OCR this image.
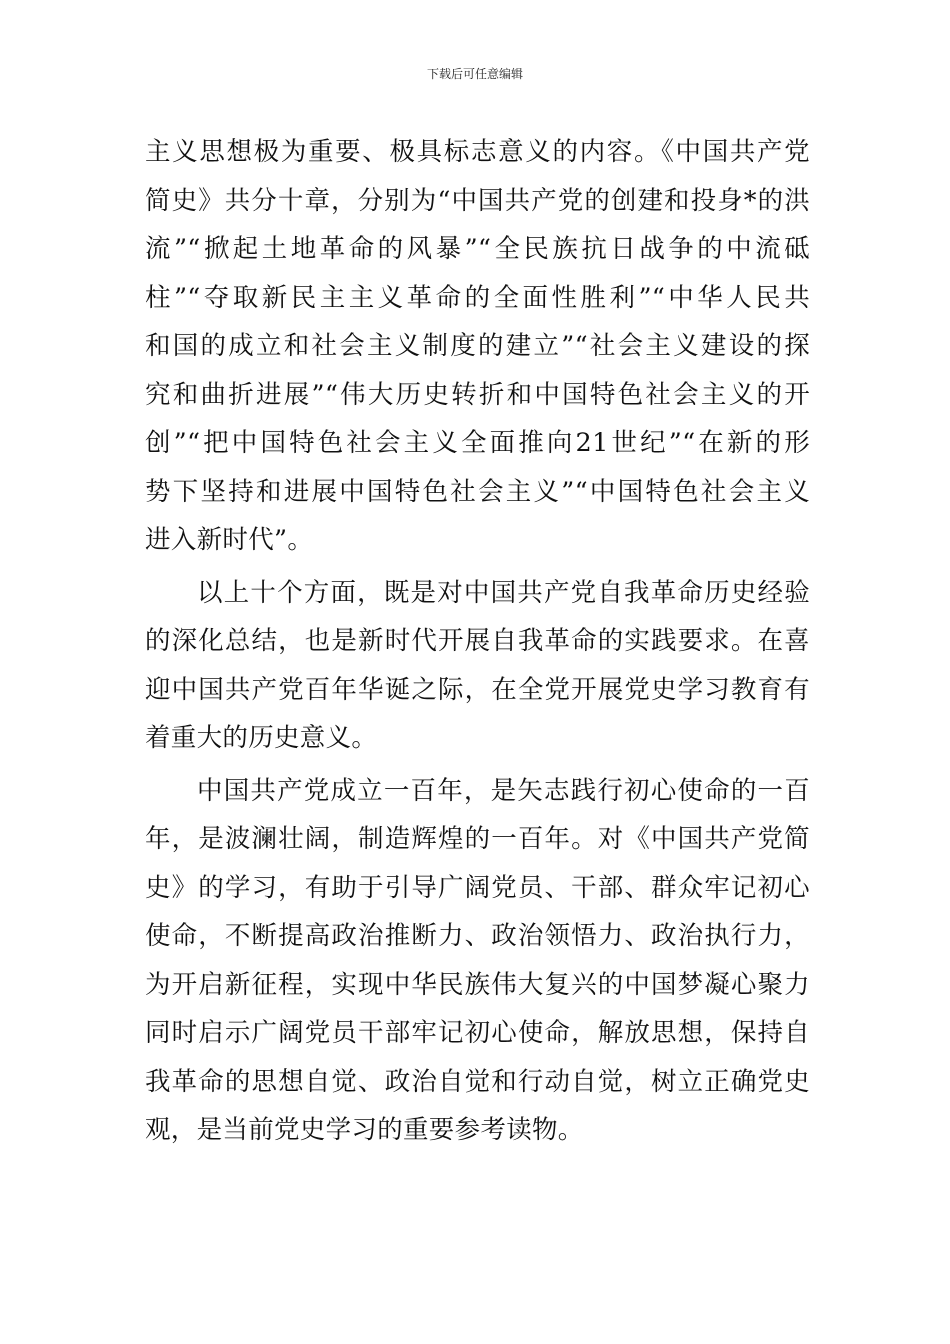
下载后可任意编辑
主义思想极为重要、极具标志意义的内容。《中国共产党
简史》共分十章，分别为“中国共产党的创建和投身*的洪
流”“掀起土地革命的风暴”“全民族抗日战争的中流砥
柱”“夺取新民主主义革命的全面性胜利”“中华人民共
和国的成立和社会主义制度的建立”“社会主义建设的探
究和曲折进展”“伟大历史转折和中国特色社会主义的开
创”“把中国特色社会主义全面推向21世纪”“在新的形
势下坚持和进展中国特色社会主义”“中国特色社会主义
进入新时代”。
以上十个方面，既是对中国共产党自我革命历史经验
的深化总结，也是新时代开展自我革命的实践要求。在喜
迎中国共产党百年华诞之际，在全党开展党史学习教育有
着重大的历史意义。
中国共产党成立一百年，是矢志践行初心使命的一百
年，是波澜壮阔，制造辉煌的一百年。对《中国共产党简
史》的学习，有助于引导广阔党员、干部、群众牢记初心
使命，不断提高政治推断力、政治领悟力、政治执行力，
为开启新征程，实现中华民族伟大复兴的中国梦凝心聚力
同时启示广阔党员干部牢记初心使命，解放思想，保持自
我革命的思想自觉、政治自觉和行动自觉，树立正确党史
观，是当前党史学习的重要参考读物。
